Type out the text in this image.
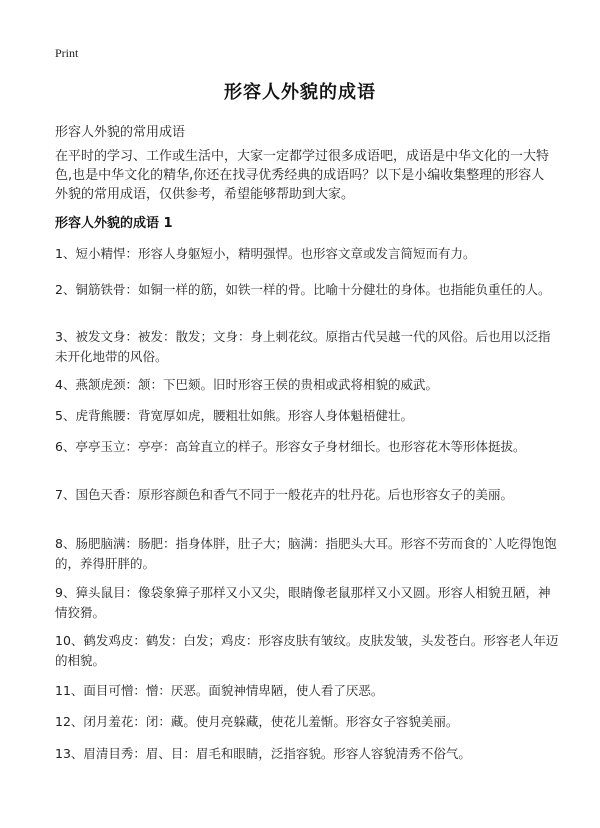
Print
形容人外貌的成语
形容人外貌的常用成语
在平时的学习、工作或生活中，大家一定都学过很多成语吧，成语是中华文化的一大特色,也是中华文化的精华,你还在找寻优秀经典的成语吗？以下是小编收集整理的形容人外貌的常用成语，仅供参考，希望能够帮助到大家。
形容人外貌的成语 1
1、短小精悍：形容人身躯短小，精明强悍。也形容文章或发言简短而有力。
2、铜筋铁骨：如铜一样的筋，如铁一样的骨。比喻十分健壮的身体。也指能负重任的人。
3、被发文身：被发：散发；文身：身上刺花纹。原指古代吴越一代的风俗。后也用以泛指未开化地带的风俗。
4、燕颔虎颈：颔：下巴颏。旧时形容王侯的贵相或武将相貌的威武。
5、虎背熊腰：背宽厚如虎，腰粗壮如熊。形容人身体魁梧健壮。
6、亭亭玉立：亭亭：高耸直立的样子。形容女子身材细长。也形容花木等形体挺拔。
7、国色天香：原形容颜色和香气不同于一般花卉的牡丹花。后也形容女子的美丽。
8、肠肥脑满：肠肥：指身体胖，肚子大；脑满：指肥头大耳。形容不劳而食的`人吃得饱饱的，养得肝胖的。
9、獐头鼠目：像袋象獐子那样又小又尖，眼睛像老鼠那样又小又圆。形容人相貌丑陋，神情狡猾。
10、鹤发鸡皮：鹤发：白发；鸡皮：形容皮肤有皱纹。皮肤发皱，头发苍白。形容老人年迈的相貌。
11、面目可憎：憎：厌恶。面貌神情卑陋，使人看了厌恶。
12、闭月羞花：闭：藏。使月亮躲藏，使花儿羞惭。形容女子容貌美丽。
13、眉清目秀：眉、目：眉毛和眼睛，泛指容貌。形容人容貌清秀不俗气。
